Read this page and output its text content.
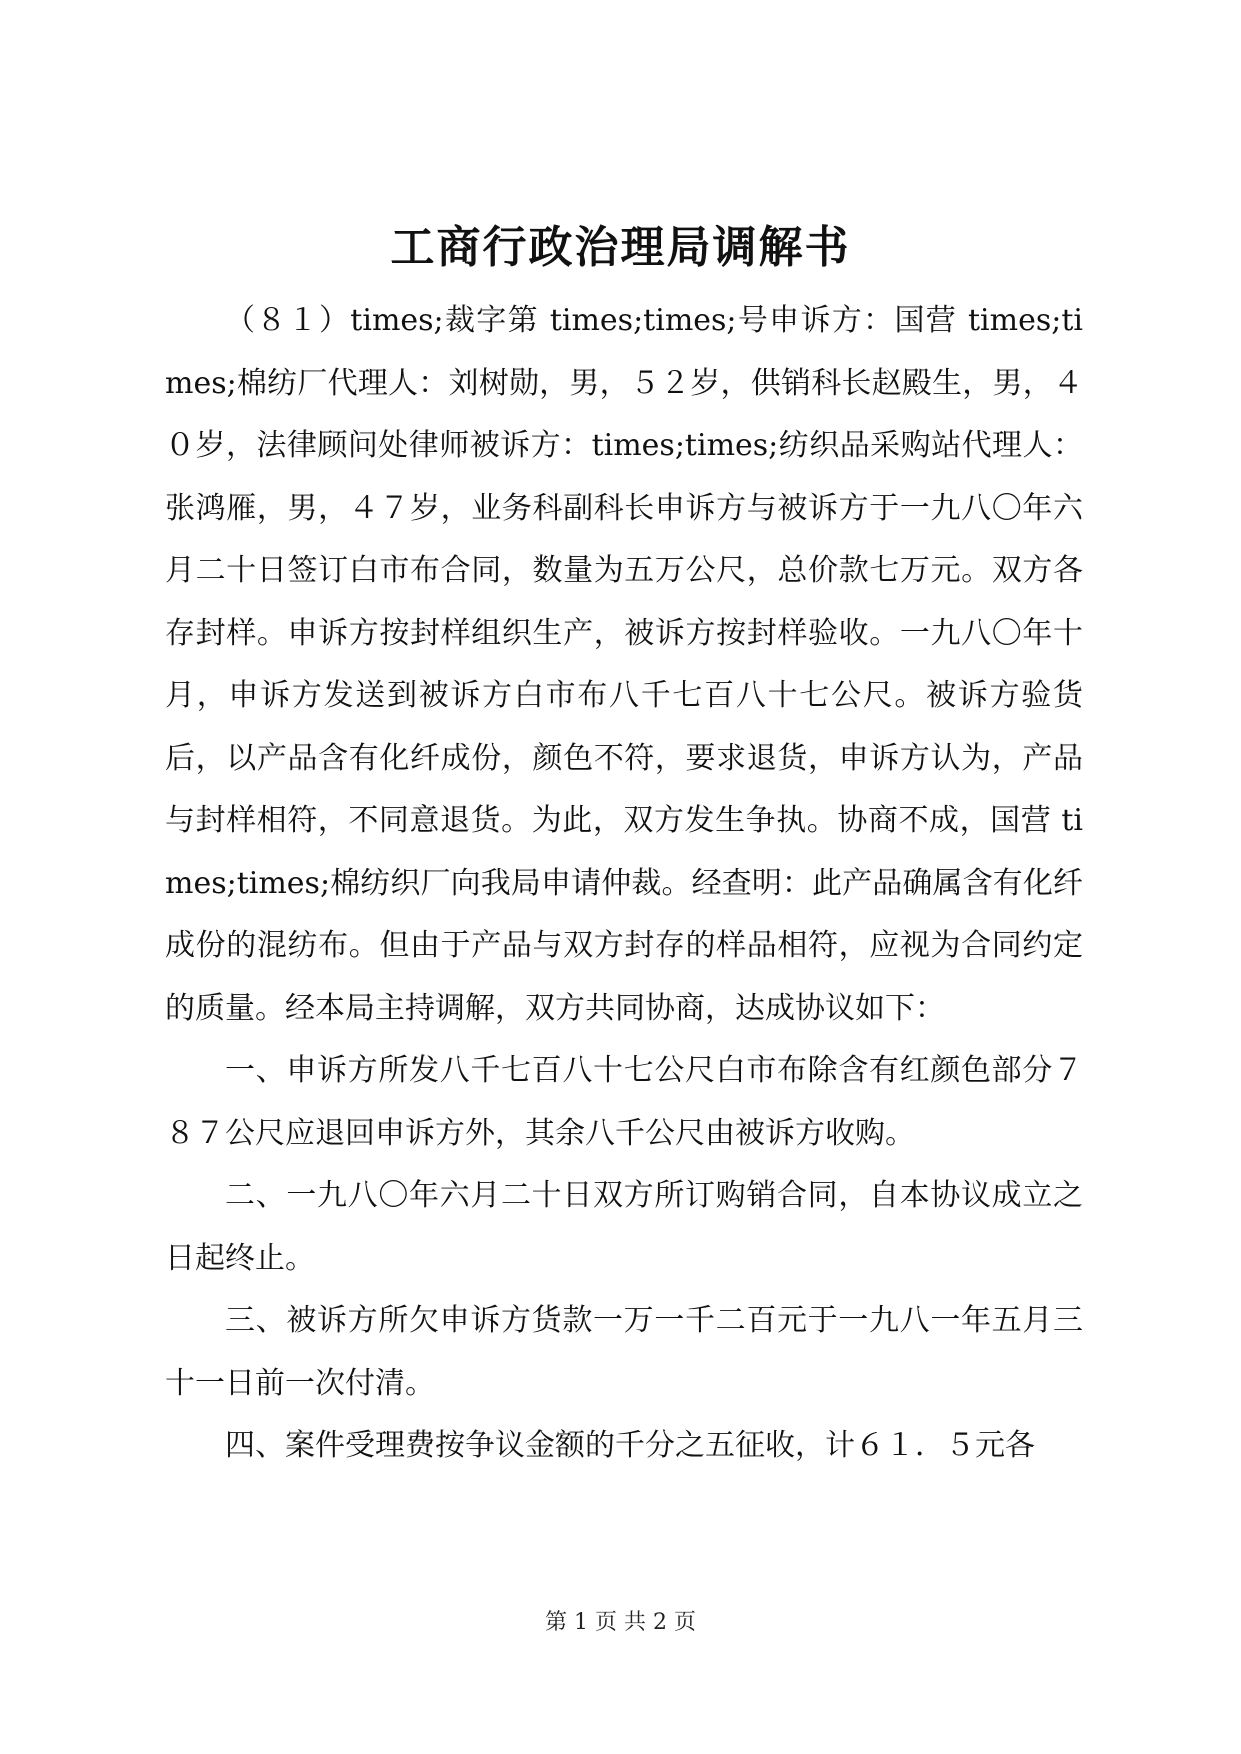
工商行政治理局调解书

（８１）times;裁字第 times;times;号申诉方：国营 times;times;棉纺厂代理人：刘树勋，男，５２岁，供销科长赵殿生，男，４０岁，法律顾问处律师被诉方：times;times;纺织品采购站代理人：张鸿雁，男，４７岁，业务科副科长申诉方与被诉方于一九八〇年六月二十日签订白市布合同，数量为五万公尺，总价款七万元。双方各存封样。申诉方按封样组织生产，被诉方按封样验收。一九八〇年十月，申诉方发送到被诉方白市布八千七百八十七公尺。被诉方验货后，以产品含有化纤成份，颜色不符，要求退货，申诉方认为，产品与封样相符，不同意退货。为此，双方发生争执。协商不成，国营 times;times;棉纺织厂向我局申请仲裁。经查明：此产品确属含有化纤成份的混纺布。但由于产品与双方封存的样品相符，应视为合同约定的质量。经本局主持调解，双方共同协商，达成协议如下：

一、申诉方所发八千七百八十七公尺白市布除含有红颜色部分７８７公尺应退回申诉方外，其余八千公尺由被诉方收购。

二、一九八〇年六月二十日双方所订购销合同，自本协议成立之日起终止。

三、被诉方所欠申诉方货款一万一千二百元于一九八一年五月三十一日前一次付清。

四、案件受理费按争议金额的千分之五征收，计６１．５元各

第 1 页 共 2 页
